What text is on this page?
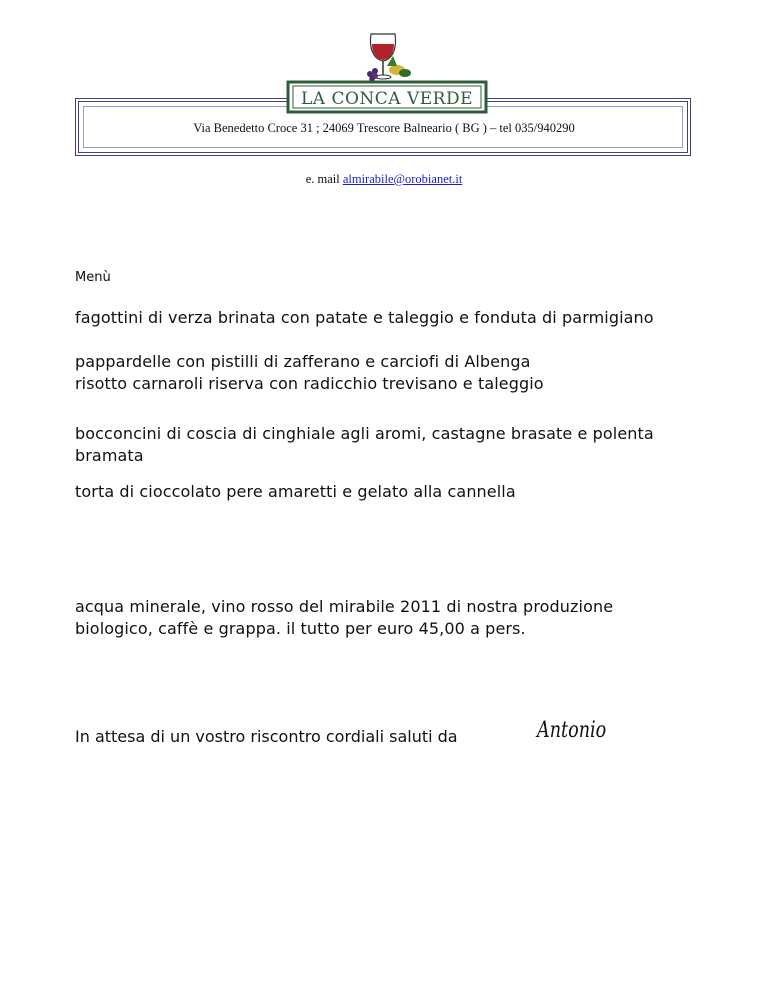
LA CONCA VERDE
Via Benedetto Croce 31 ; 24069 Trescore Balneario ( BG ) – tel 035/940290
e. mail almirabile@orobianet.it
Menù
fagottini di verza brinata con patate e taleggio e fonduta di parmigiano
pappardelle con pistilli di zafferano e carciofi di Albenga
risotto carnaroli riserva con radicchio trevisano e taleggio
bocconcini di coscia di cinghiale agli aromi, castagne brasate e polenta bramata
torta di cioccolato pere amaretti e gelato alla cannella
acqua minerale, vino rosso del mirabile 2011 di nostra produzione biologico, caffè e grappa. il tutto per euro 45,00 a pers.
In attesa di un vostro riscontro cordiali saluti da	Antonio
